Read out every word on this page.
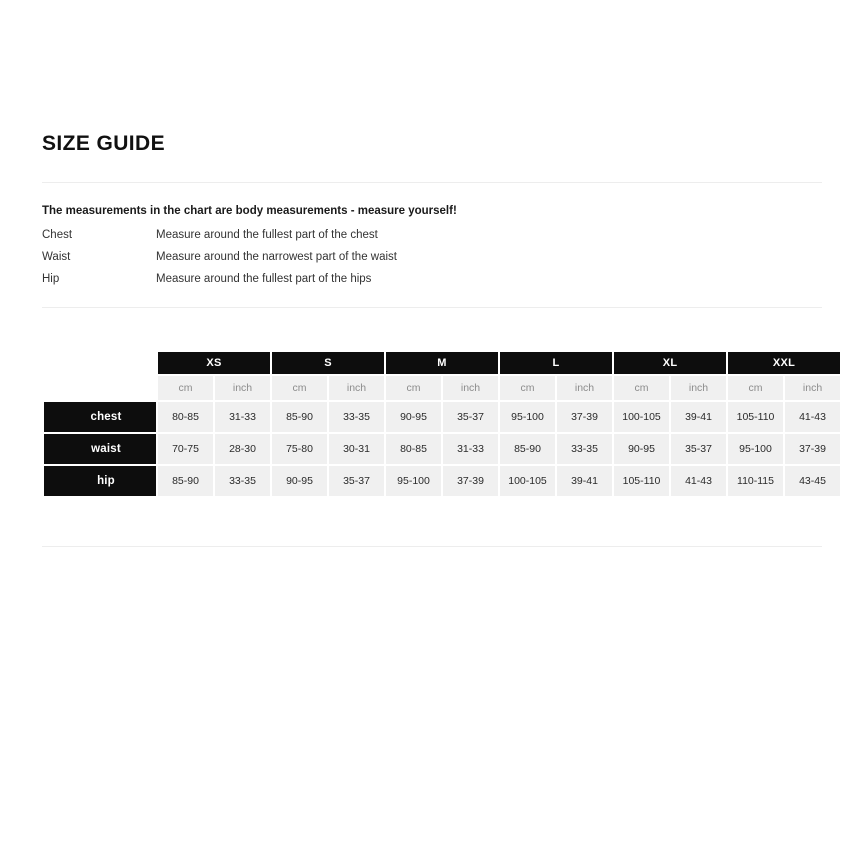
SIZE GUIDE
The measurements in the chart are body measurements - measure yourself!
Chest	Measure around the fullest part of the chest
Waist	Measure around the narrowest part of the waist
Hip	Measure around the fullest part of the hips
	XS		S		M		L		XL		XXL	
	cm	inch	cm	inch	cm	inch	cm	inch	cm	inch	cm	inch
chest	80-85	31-33	85-90	33-35	90-95	35-37	95-100	37-39	100-105	39-41	105-110	41-43
waist	70-75	28-30	75-80	30-31	80-85	31-33	85-90	33-35	90-95	35-37	95-100	37-39
hip	85-90	33-35	90-95	35-37	95-100	37-39	100-105	39-41	105-110	41-43	110-115	43-45
